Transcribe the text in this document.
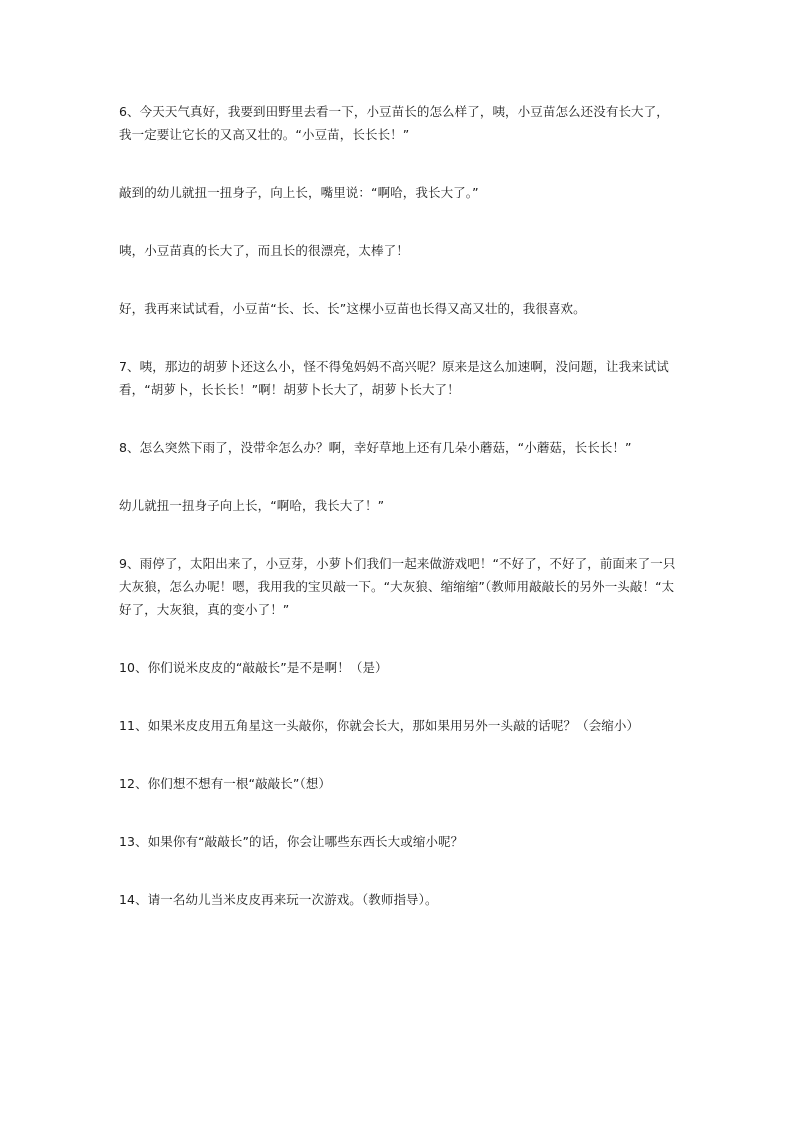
6、今天天气真好，我要到田野里去看一下，小豆苗长的怎么样了，咦，小豆苗怎么还没有长大了，我一定要让它长的又高又壮的。“小豆苗，长长长！”

敲到的幼儿就扭一扭身子，向上长，嘴里说：“啊哈，我长大了。”

咦，小豆苗真的长大了，而且长的很漂亮，太棒了！

好，我再来试试看，小豆苗“长、长、长”这棵小豆苗也长得又高又壮的，我很喜欢。

7、咦，那边的胡萝卜还这么小，怪不得兔妈妈不高兴呢？原来是这么加速啊，没问题，让我来试试看，“胡萝卜，长长长！”啊！胡萝卜长大了，胡萝卜长大了！

8、怎么突然下雨了，没带伞怎么办？啊，幸好草地上还有几朵小蘑菇，“小蘑菇，长长长！”

幼儿就扭一扭身子向上长，“啊哈，我长大了！”

9、雨停了，太阳出来了，小豆芽，小萝卜们我们一起来做游戏吧！“不好了，不好了，前面来了一只大灰狼，怎么办呢！嗯，我用我的宝贝敲一下。“大灰狼、缩缩缩”（教师用敲敲长的另外一头敲！“太好了，大灰狼，真的变小了！”

10、你们说米皮皮的“敲敲长”是不是啊！（是）

11、如果米皮皮用五角星这一头敲你，你就会长大，那如果用另外一头敲的话呢？（会缩小）

12、你们想不想有一根“敲敲长”（想）

13、如果你有“敲敲长”的话，你会让哪些东西长大或缩小呢？

14、请一名幼儿当米皮皮再来玩一次游戏。（教师指导）。
